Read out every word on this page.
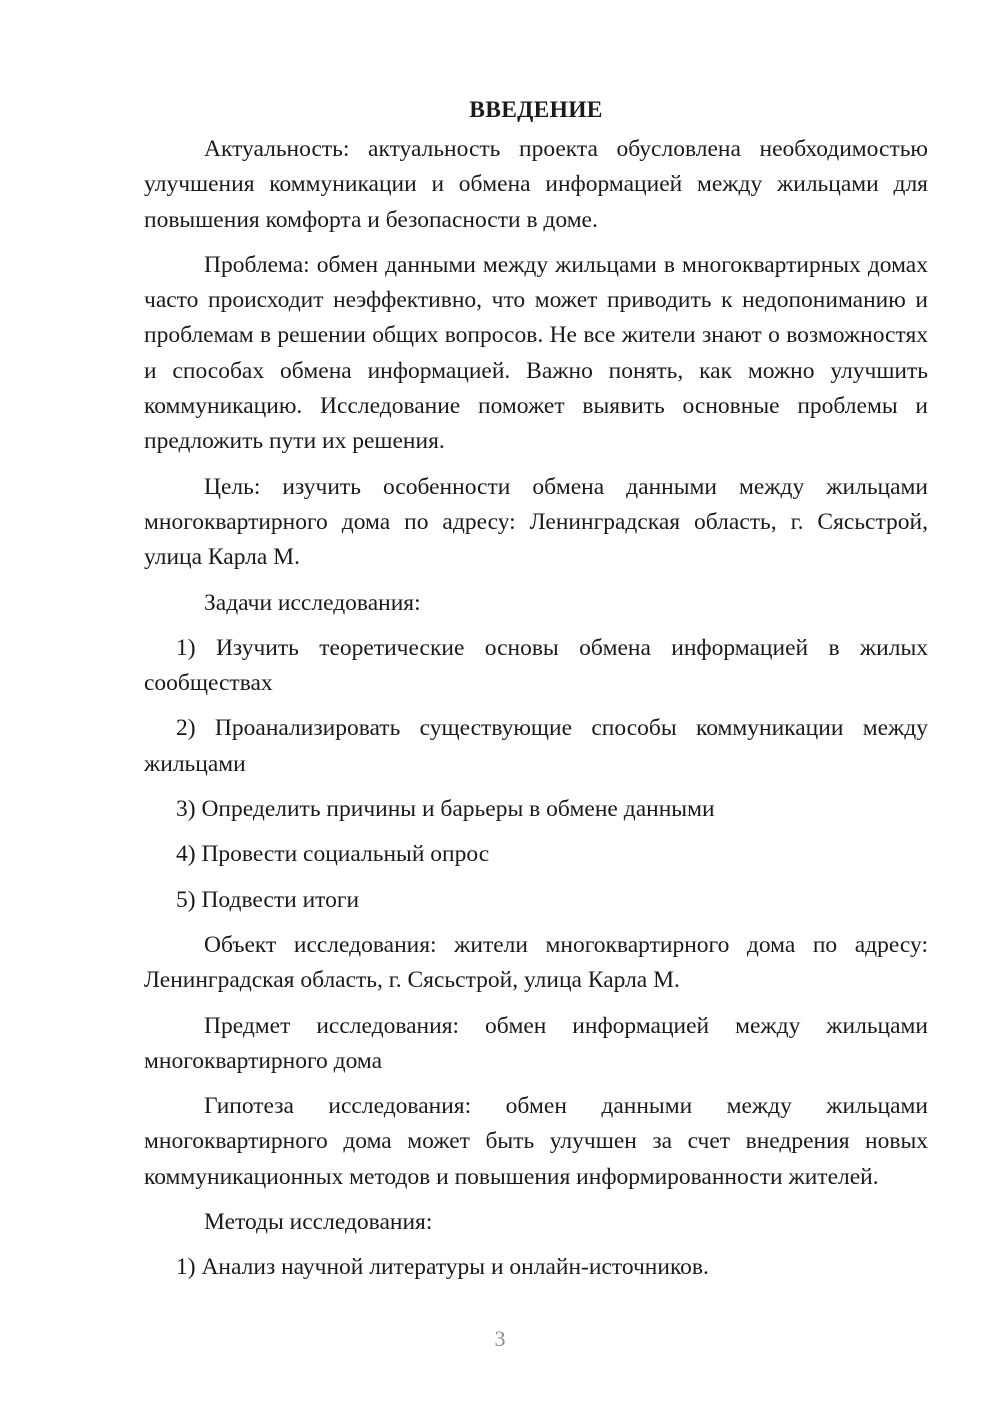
ВВЕДЕНИЕ

Актуальность: актуальность проекта обусловлена необходимостью улучшения коммуникации и обмена информацией между жильцами для повышения комфорта и безопасности в доме.

Проблема: обмен данными между жильцами в многоквартирных домах часто происходит неэффективно, что может приводить к недопониманию и проблемам в решении общих вопросов. Не все жители знают о возможностях и способах обмена информацией. Важно понять, как можно улучшить коммуникацию. Исследование поможет выявить основные проблемы и предложить пути их решения.

Цель: изучить особенности обмена данными между жильцами многоквартирного дома по адресу: Ленинградская область, г. Сясьстрой, улица Карла М.

Задачи исследования:

1) Изучить теоретические основы обмена информацией в жилых сообществах

2) Проанализировать существующие способы коммуникации между жильцами

3) Определить причины и барьеры в обмене данными

4) Провести социальный опрос

5) Подвести итоги

Объект исследования: жители многоквартирного дома по адресу: Ленинградская область, г. Сясьстрой, улица Карла М.

Предмет исследования: обмен информацией между жильцами многоквартирного дома

Гипотеза исследования: обмен данными между жильцами многоквартирного дома может быть улучшен за счет внедрения новых коммуникационных методов и повышения информированности жителей.

Методы исследования:

1) Анализ научной литературы и онлайн-источников.

3
